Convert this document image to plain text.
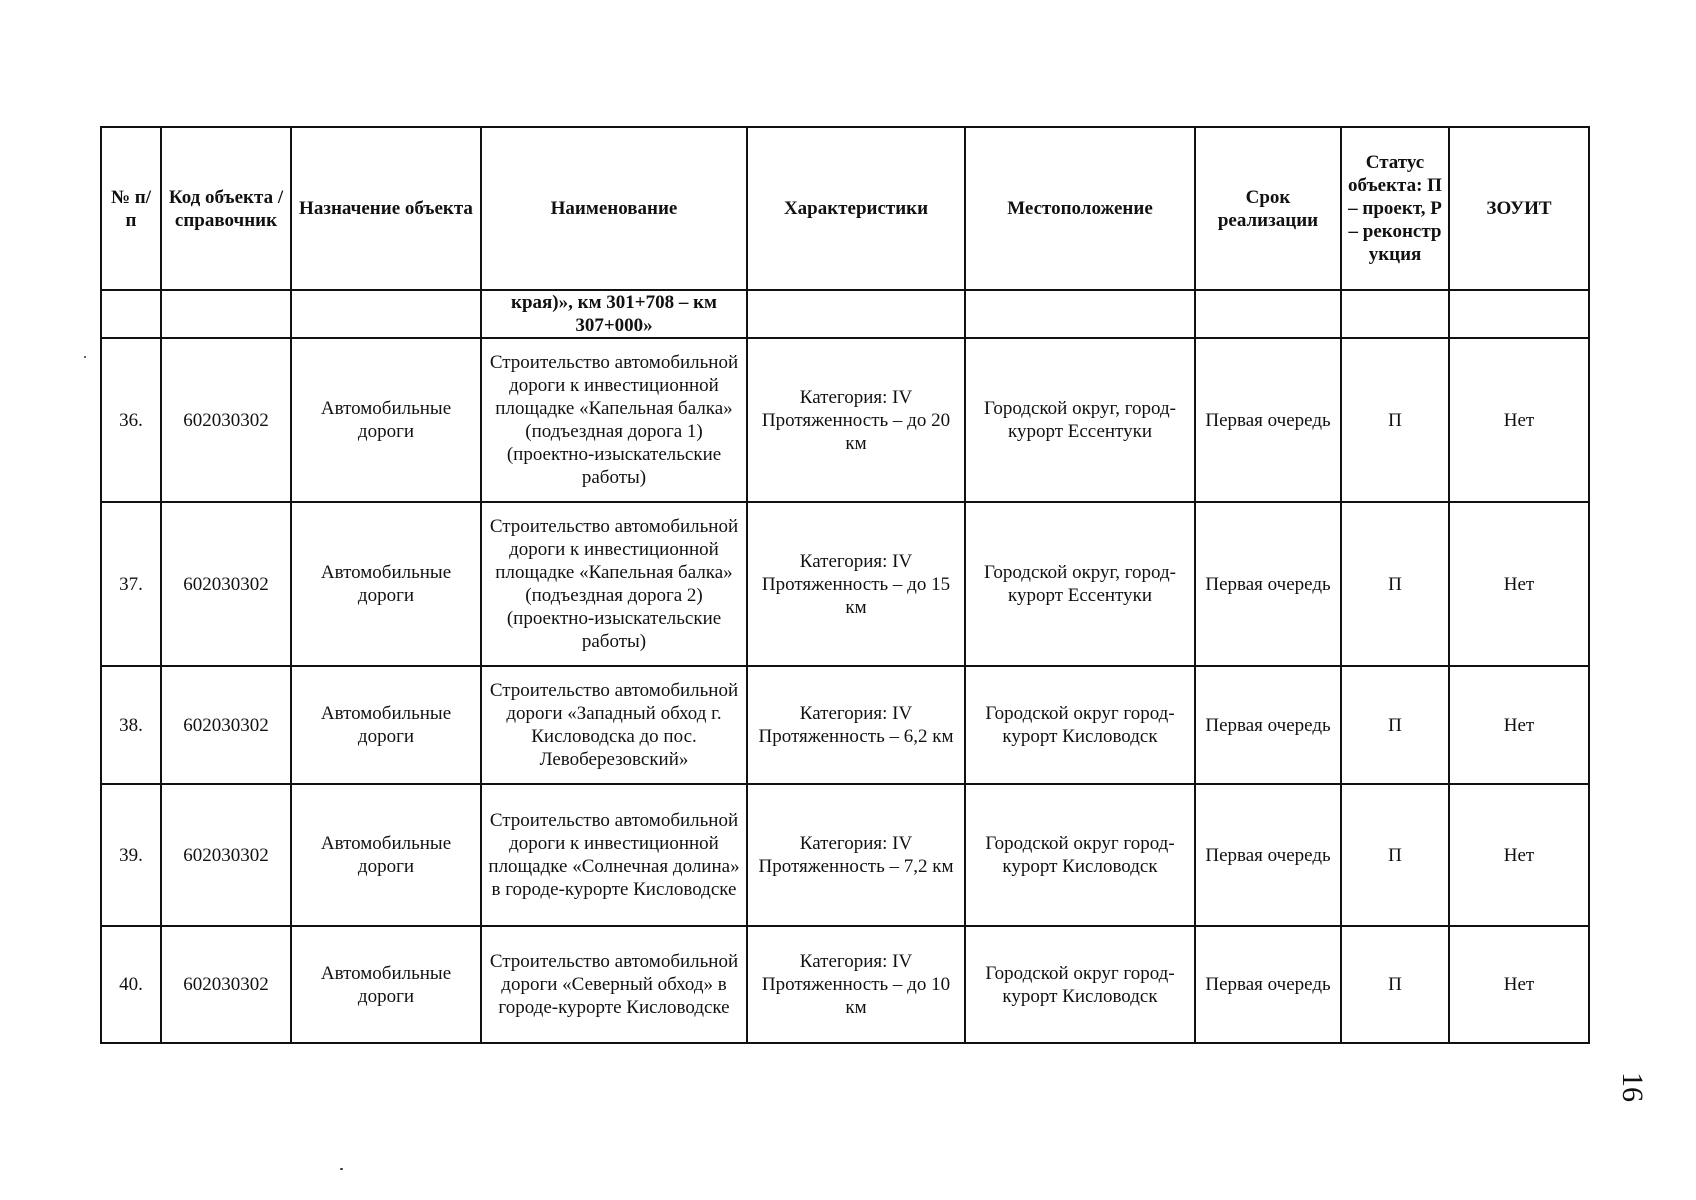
№ п/п	Код объекта / справочник	Назначение объекта	Наименование	Характеристики	Местоположение	Срок реализации	Статус объекта: П – проект, Р – реконстр укция	ЗОУИТ
			края)», км 301+708 – км 307+000»					
36.	602030302	Автомобильные дороги	Строительство автомобильной дороги к инвестиционной площадке «Капельная балка» (подъездная дорога 1) (проектно-изыскательские работы)	Категория: IV Протяженность – до 20 км	Городской округ, город-курорт Ессентуки	Первая очередь	П	Нет
37.	602030302	Автомобильные дороги	Строительство автомобильной дороги к инвестиционной площадке «Капельная балка» (подъездная дорога 2) (проектно-изыскательские работы)	Категория: IV Протяженность – до 15 км	Городской округ, город-курорт Ессентуки	Первая очередь	П	Нет
38.	602030302	Автомобильные дороги	Строительство автомобильной дороги «Западный обход г. Кисловодска до пос. Левоберезовский»	Категория: IV Протяженность – 6,2 км	Городской округ город-курорт Кисловодск	Первая очередь	П	Нет
39.	602030302	Автомобильные дороги	Строительство автомобильной дороги к инвестиционной площадке «Солнечная долина» в городе-курорте Кисловодске	Категория: IV Протяженность – 7,2 км	Городской округ город-курорт Кисловодск	Первая очередь	П	Нет
40.	602030302	Автомобильные дороги	Строительство автомобильной дороги «Северный обход» в городе-курорте Кисловодске	Категория: IV Протяженность – до 10 км	Городской округ город-курорт Кисловодск	Первая очередь	П	Нет
16
